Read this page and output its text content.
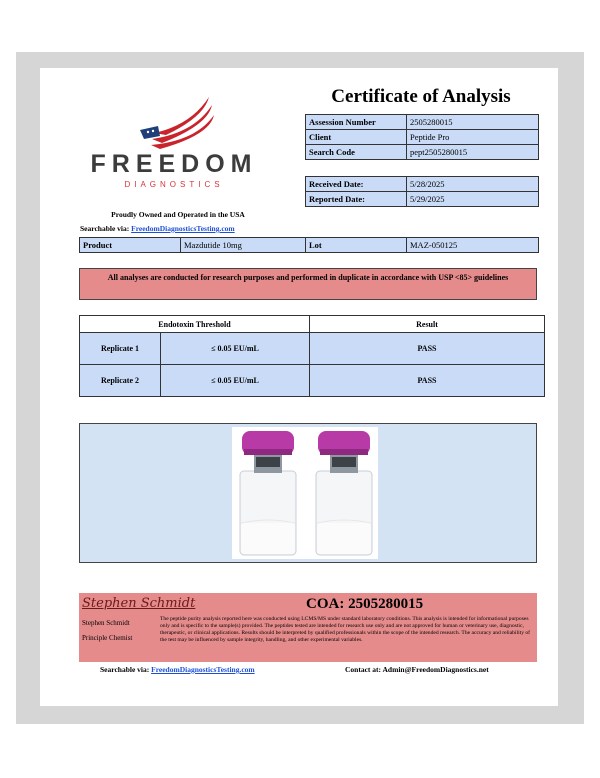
FREEDOM
DIAGNOSTICS
Proudly Owned and Operated in the USA
Searchable via: FreedomDiagnosticsTesting.com
Certificate of Analysis
Assession Number	2505280015
Client	Peptide Pro
Search Code	pept2505280015
Received Date:	5/28/2025
Reported Date:	5/29/2025
Product	Mazdutide 10mg	Lot	MAZ-050125
All analyses are conducted for research purposes and performed in duplicate in accordance with USP <85> guidelines
Endotoxin Threshold		Result
Replicate 1	≤ 0.05 EU/mL	PASS
Replicate 2	≤ 0.05 EU/mL	PASS
Stephen Schmidt	COA: 2505280015
Stephen Schmidt
Principle Chemist
The peptide purity analysis reported here was conducted using LCMS/MS under standard laboratory conditions. This analysis is intended for informational purposes only and is specific to the sample(s) provided. The peptides tested are intended for research use only and are not approved for human or veterinary use, diagnostic, therapeutic, or clinical applications. Results should be interpreted by qualified professionals within the scope of the intended research. The accuracy and reliability of the test may be influenced by sample integrity, handling, and other experimental variables.
Searchable via: FreedomDiagnosticsTesting.com	Contact at: Admin@FreedomDiagnostics.net
